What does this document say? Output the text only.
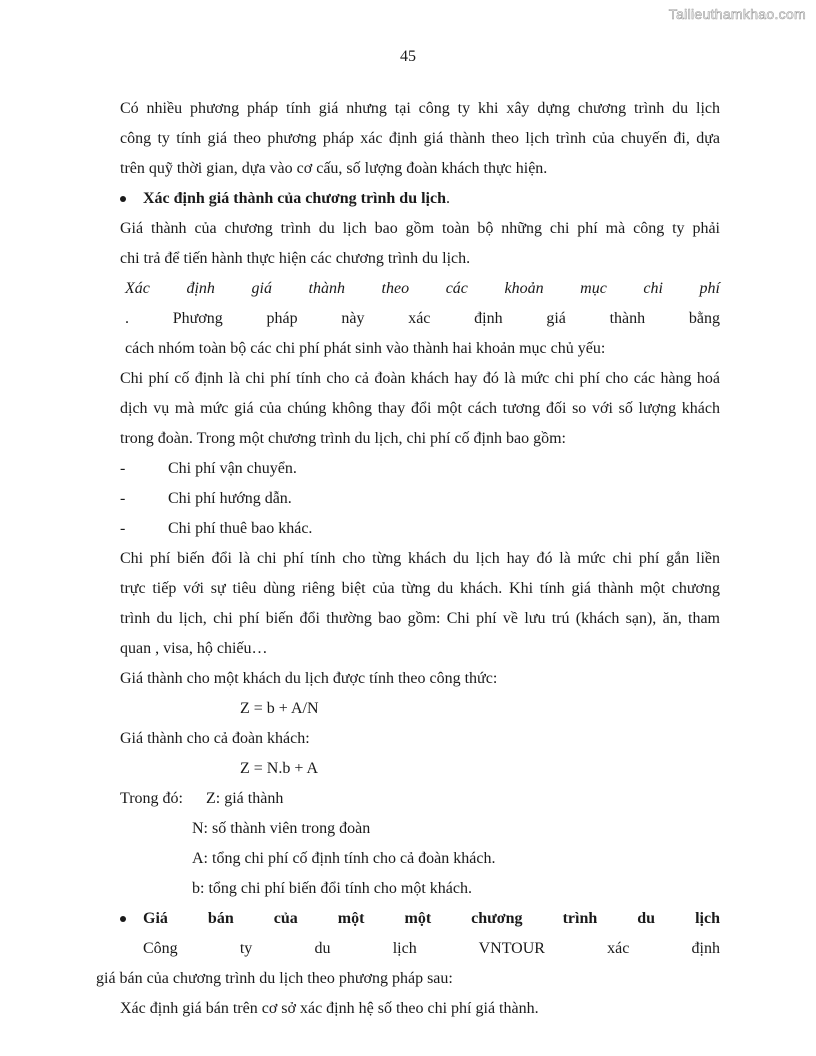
Tailieuthamkhao.com
45
Có nhiều phương pháp tính giá nhưng tại công ty khi xây dựng chương trình du lịch
công ty tính giá theo phương pháp xác định giá thành theo lịch trình của chuyến đi, dựa
trên quỹ thời gian, dựa vào cơ cấu, số lượng đoàn khách thực hiện.

Xác định giá thành của chương trình du lịch.

Giá thành của chương trình du lịch bao gồm toàn bộ những chi phí mà công ty phải
chi trả để tiến hành thực hiện các chương trình du lịch.
Xác định giá thành theo các khoản mục chi phí
. Phương pháp này xác định giá thành bằng
cách nhóm toàn bộ các chi phí phát sinh vào thành hai khoản mục chủ yếu:
Chi phí cố định là chi phí tính cho cả đoàn khách hay đó là mức chi phí cho các hàng hoá
dịch vụ mà mức giá của chúng không thay đổi một cách tương đối so với số lượng khách
trong đoàn. Trong một chương trình du lịch, chi phí cố định bao gồm:

-	Chi phí vận chuyển.

-	Chi phí hướng dẫn.

-	Chi phí thuê bao khác.

Chi phí biến đổi là chi phí tính cho từng khách du lịch hay đó là mức chi phí gắn liền
trực tiếp với sự tiêu dùng riêng biệt của từng du khách. Khi tính giá thành một chương
trình du lịch, chi phí biến đổi thường bao gồm: Chi phí về lưu trú (khách sạn), ăn, tham
quan , visa, hộ chiếu…

Giá thành cho một khách du lịch được tính theo công thức:

Z = b + A/N

Giá thành cho cả đoàn khách:

Z = N.b + A

Trong đó: Z: giá thành

N: số thành viên trong đoàn

A: tổng chi phí cố định tính cho cả đoàn khách.

b: tổng chi phí biến đổi tính cho một khách.

Giá bán của một một chương trình du lịch
Công ty du lịch VNTOUR xác định
giá bán của chương trình du lịch theo phương pháp sau:

Xác định giá bán trên cơ sở xác định hệ số theo chi phí giá thành.
